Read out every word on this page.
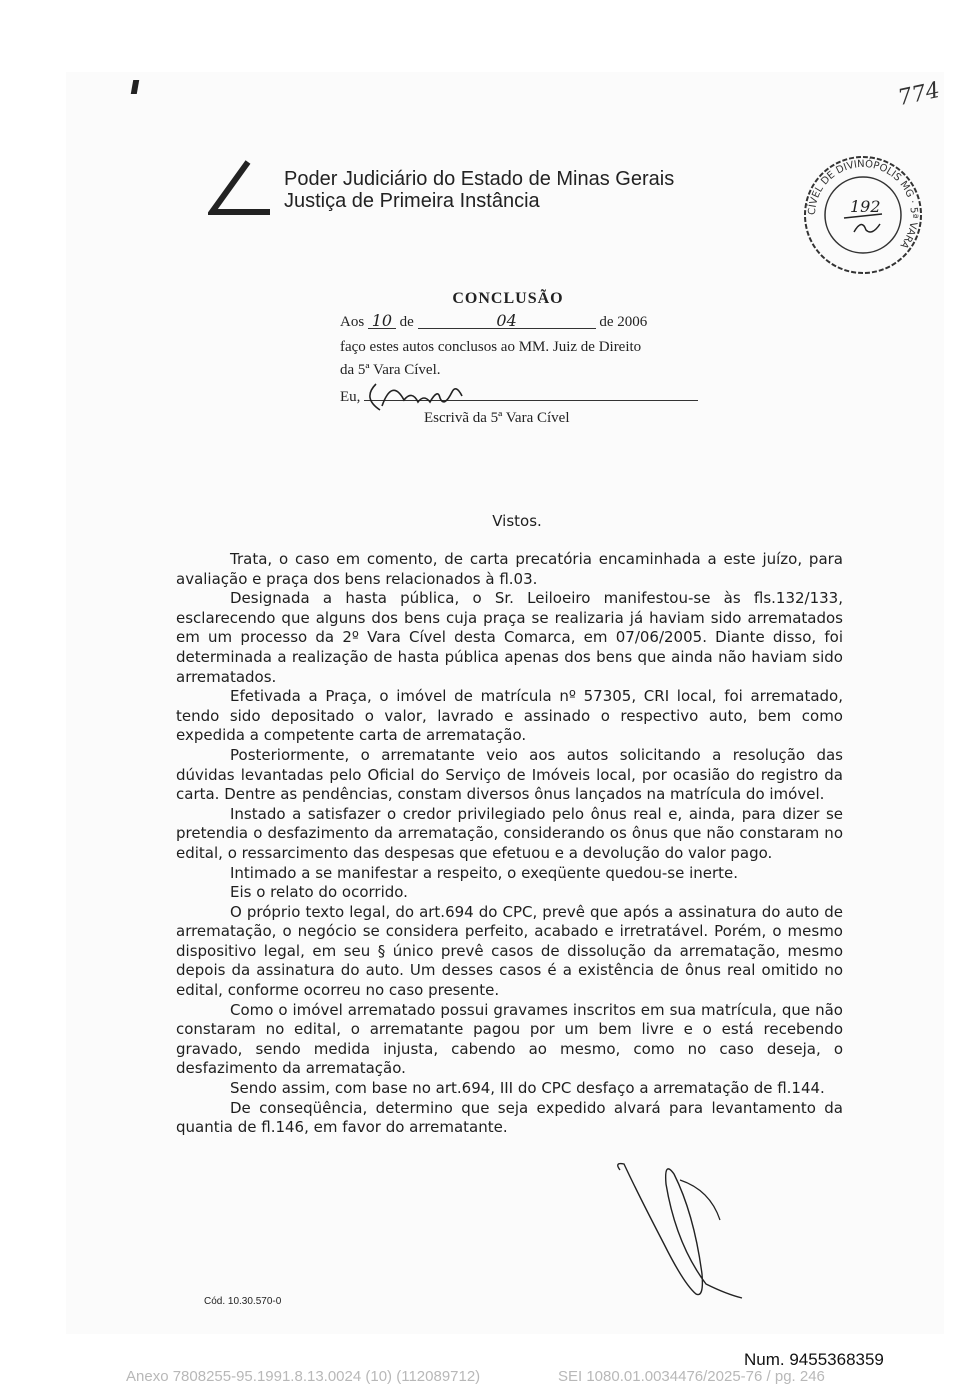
774
Poder Judiciário do Estado de Minas Gerais
Justiça de Primeira Instância	CÍVEL DE DIVINÓPOLIS MG · 5ª VARA
192
CONCLUSÃO
Aos 10 de	04	de 2006
faço estes autos conclusos ao MM. Juiz de Direito
da 5ª Vara Cível.
Eu,
Escrivã da 5ª Vara Cível
Vistos.

Trata, o caso em comento, de carta precatória encaminhada a este juízo, para avaliação e praça dos bens relacionados à fl.03.

Designada a hasta pública, o Sr. Leiloeiro manifestou-se às fls.132/133, esclarecendo que alguns dos bens cuja praça se realizaria já haviam sido arrematados em um processo da 2º Vara Cível desta Comarca, em 07/06/2005. Diante disso, foi determinada a realização de hasta pública apenas dos bens que ainda não haviam sido arrematados.

Efetivada a Praça, o imóvel de matrícula nº 57305, CRI local, foi arrematado, tendo sido depositado o valor, lavrado e assinado o respectivo auto, bem como expedida a competente carta de arrematação.

Posteriormente, o arrematante veio aos autos solicitando a resolução das dúvidas levantadas pelo Oficial do Serviço de Imóveis local, por ocasião do registro da carta. Dentre as pendências, constam diversos ônus lançados na matrícula do imóvel.

Instado a satisfazer o credor privilegiado pelo ônus real e, ainda, para dizer se pretendia o desfazimento da arrematação, considerando os ônus que não constaram no edital, o ressarcimento das despesas que efetuou e a devolução do valor pago.

Intimado a se manifestar a respeito, o exeqüente quedou-se inerte.

Eis o relato do ocorrido.

O próprio texto legal, do art.694 do CPC, prevê que após a assinatura do auto de arrematação, o negócio se considera perfeito, acabado e irretratável. Porém, o mesmo dispositivo legal, em seu § único prevê casos de dissolução da arrematação, mesmo depois da assinatura do auto. Um desses casos é a existência de ônus real omitido no edital, conforme ocorreu no caso presente.

Como o imóvel arrematado possui gravames inscritos em sua matrícula, que não constaram no edital, o arrematante pagou por um bem livre e o está recebendo gravado, sendo medida injusta, cabendo ao mesmo, como no caso deseja, o desfazimento da arrematação.

Sendo assim, com base no art.694, III do CPC desfaço a arrematação de fl.144.

De conseqüência, determino que seja expedido alvará para levantamento da quantia de fl.146, em favor do arrematante.

Cód. 10.30.570-0
Num. 9455368359
Anexo 7808255-95.1991.8.13.0024 (10) (112089712)	SEI 1080.01.0034476/2025-76 / pg. 246
